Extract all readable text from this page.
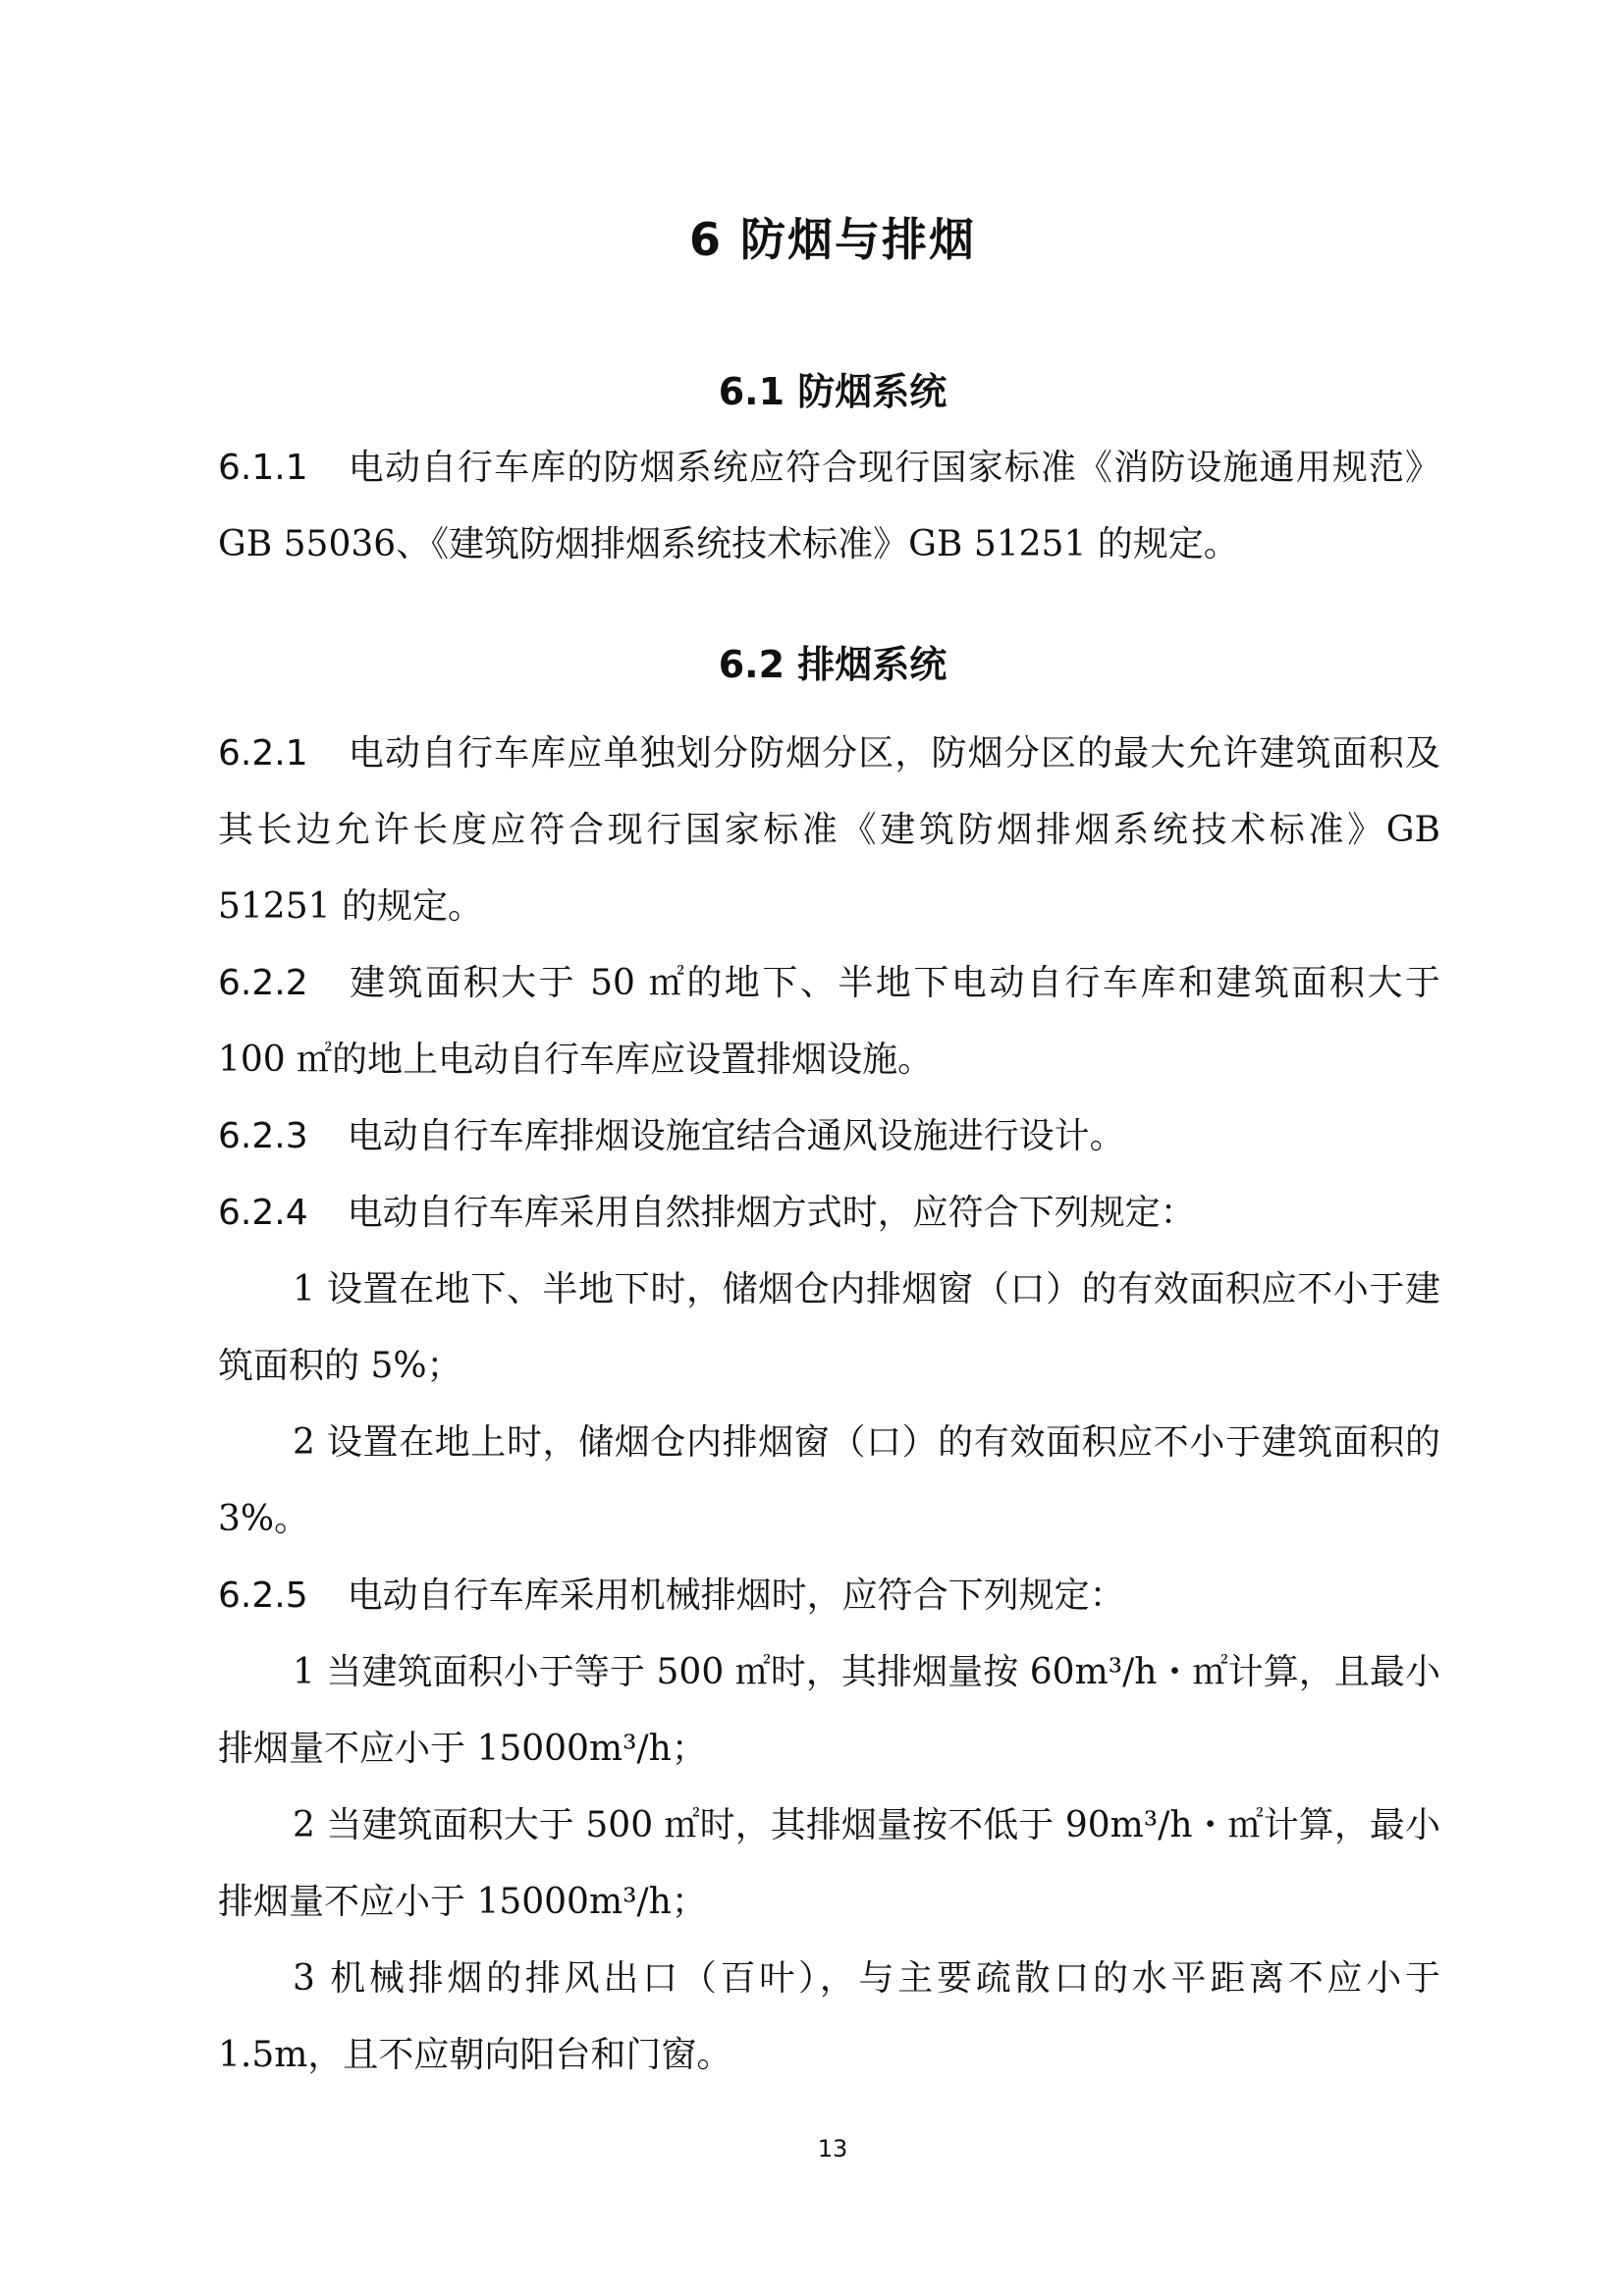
6 防烟与排烟
6.1 防烟系统

6.1.1 电动自行车库的防烟系统应符合现行国家标准《消防设施通用规范》GB 55036、《建筑防烟排烟系统技术标准》GB 51251 的规定。

6.2 排烟系统

6.2.1 电动自行车库应单独划分防烟分区，防烟分区的最大允许建筑面积及其长边允许长度应符合现行国家标准《建筑防烟排烟系统技术标准》GB 51251 的规定。

6.2.2 建筑面积大于 50 ㎡的地下、半地下电动自行车库和建筑面积大于 100 ㎡的地上电动自行车库应设置排烟设施。

6.2.3 电动自行车库排烟设施宜结合通风设施进行设计。

6.2.4 电动自行车库采用自然排烟方式时，应符合下列规定：

1 设置在地下、半地下时，储烟仓内排烟窗（口）的有效面积应不小于建筑面积的 5%；

2 设置在地上时，储烟仓内排烟窗（口）的有效面积应不小于建筑面积的 3%。

6.2.5 电动自行车库采用机械排烟时，应符合下列规定：

1 当建筑面积小于等于 500 ㎡时，其排烟量按 60m³/h・㎡计算，且最小排烟量不应小于 15000m³/h；

2 当建筑面积大于 500 ㎡时，其排烟量按不低于 90m³/h・㎡计算，最小排烟量不应小于 15000m³/h；

3 机械排烟的排风出口（百叶），与主要疏散口的水平距离不应小于 1.5m，且不应朝向阳台和门窗。

13
